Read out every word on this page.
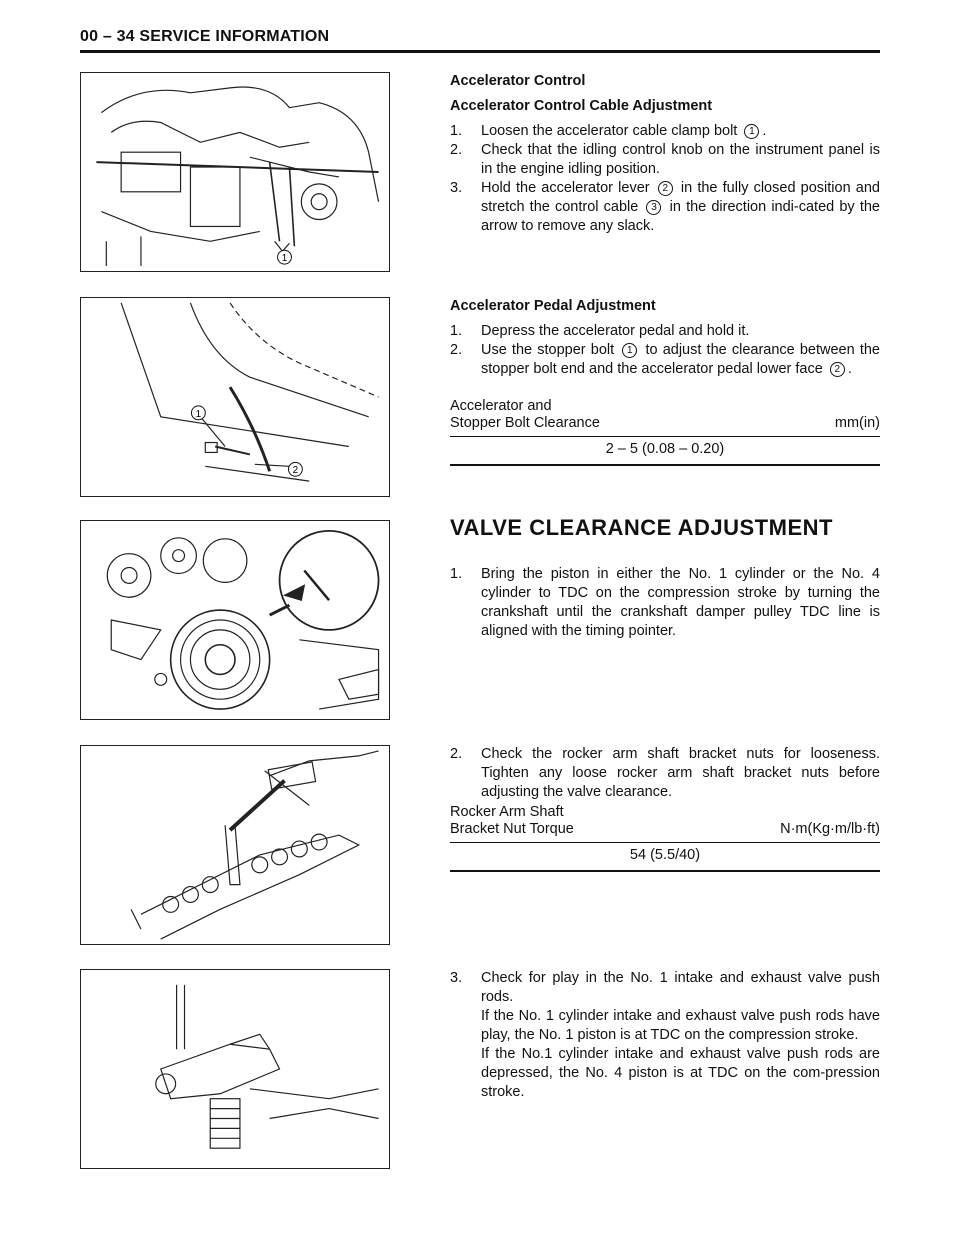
00 – 34 SERVICE INFORMATION
1
Accelerator Control
Accelerator Control Cable Adjustment
1.	Loosen the accelerator cable clamp bolt 1 .
2.	Check that the idling control knob on the instrument panel is in the engine idling position.
3.	Hold the accelerator lever 2 in the fully closed position and stretch the control cable 3 in the direction indi-cated by the arrow to remove any slack.
1
2
Accelerator Pedal Adjustment
1.	Depress the accelerator pedal and hold it.
2.	Use the stopper bolt 1 to adjust the clearance between the stopper bolt end and the accelerator pedal lower face 2 .
Accelerator and
Stopper Bolt Clearance	mm(in)
2 – 5 (0.08 – 0.20)
VALVE CLEARANCE ADJUSTMENT
1.	Bring the piston in either the No. 1 cylinder or the No. 4 cylinder to TDC on the compression stroke by turning the crankshaft until the crankshaft damper pulley TDC line is aligned with the timing pointer.
2.	Check the rocker arm shaft bracket nuts for looseness. Tighten any loose rocker arm shaft bracket nuts before adjusting the valve clearance.
Rocker Arm Shaft
Bracket Nut Torque	N·m(Kg·m/lb·ft)
54 (5.5/40)
3.	Check for play in the No. 1 intake and exhaust valve push rods.
If the No. 1 cylinder intake and exhaust valve push rods have play, the No. 1 piston is at TDC on the compression stroke.
If the No.1 cylinder intake and exhaust valve push rods are depressed, the No. 4 piston is at TDC on the com-pression stroke.
